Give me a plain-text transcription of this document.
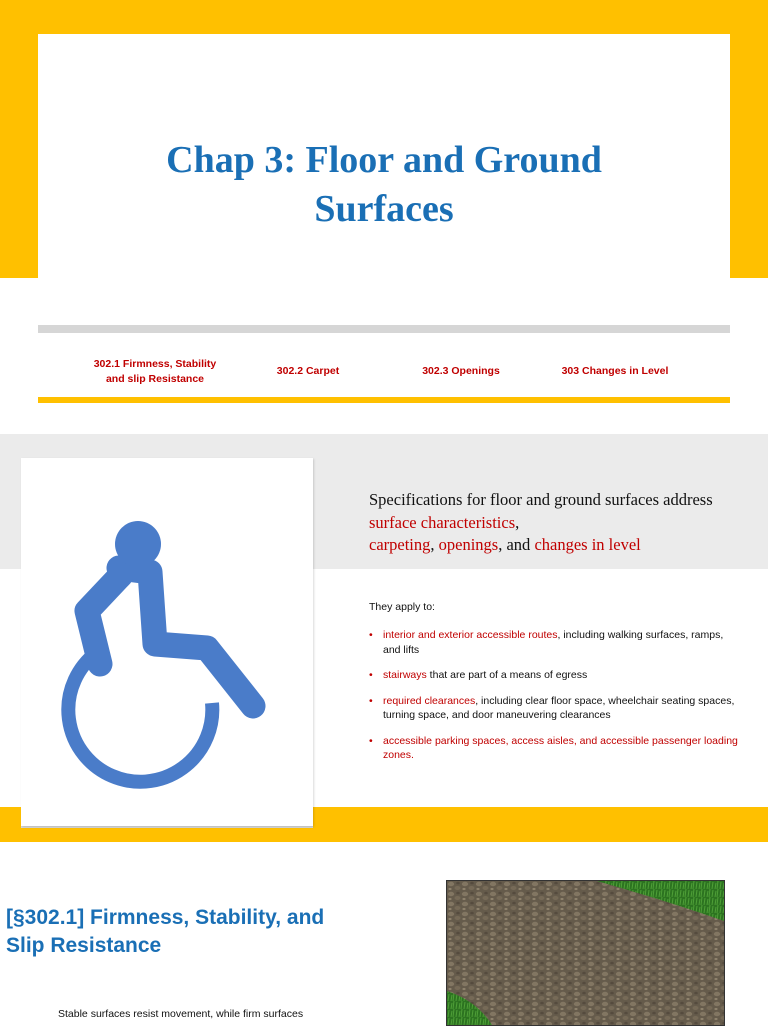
Chap 3: Floor and Ground
Surfaces
302.1 Firmness, Stability
and slip Resistance
302.2 Carpet	302.3 Openings	303 Changes in Level

Specifications for floor and ground surfaces address surface characteristics,
carpeting, openings, and changes in level

They apply to:

• interior and exterior accessible routes, including walking surfaces, ramps, and lifts
• stairways that are part of a means of egress
• required clearances, including clear floor space, wheelchair seating spaces, turning space, and door maneuvering clearances
• accessible parking spaces, access aisles, and accessible passenger loading zones.
[§302.1] Firmness, Stability, and Slip Resistance

Stable surfaces resist movement, while firm surfaces
